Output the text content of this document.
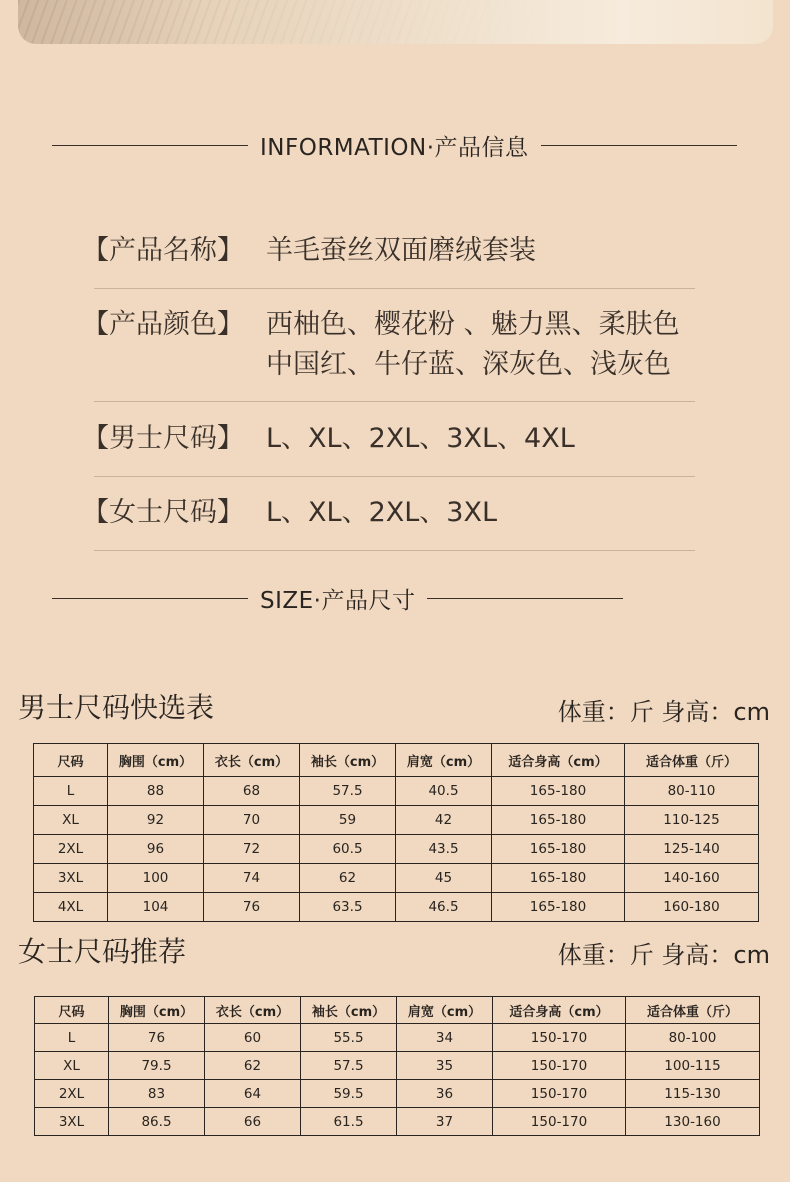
INFORMATION·产品信息
【产品名称】 羊毛蚕丝双面磨绒套装
【产品颜色】 西柚色、樱花粉 、魅力黑、柔肤色
中国红、牛仔蓝、深灰色、浅灰色
【男士尺码】 L、XL、2XL、3XL、4XL
【女士尺码】 L、XL、2XL、3XL
SIZE·产品尺寸
男士尺码快选表	体重：斤 身高：cm
尺码	胸围（cm）	衣长（cm）	袖长（cm）	肩宽（cm）	适合身高（cm）	适合体重（斤）
L	88	68	57.5	40.5	165-180	80-110
XL	92	70	59	42	165-180	110-125
2XL	96	72	60.5	43.5	165-180	125-140
3XL	100	74	62	45	165-180	140-160
4XL	104	76	63.5	46.5	165-180	160-180
女士尺码推荐	体重：斤 身高：cm
尺码	胸围（cm）	衣长（cm）	袖长（cm）	肩宽（cm）	适合身高（cm）	适合体重（斤）
L	76	60	55.5	34	150-170	80-100
XL	79.5	62	57.5	35	150-170	100-115
2XL	83	64	59.5	36	150-170	115-130
3XL	86.5	66	61.5	37	150-170	130-160
